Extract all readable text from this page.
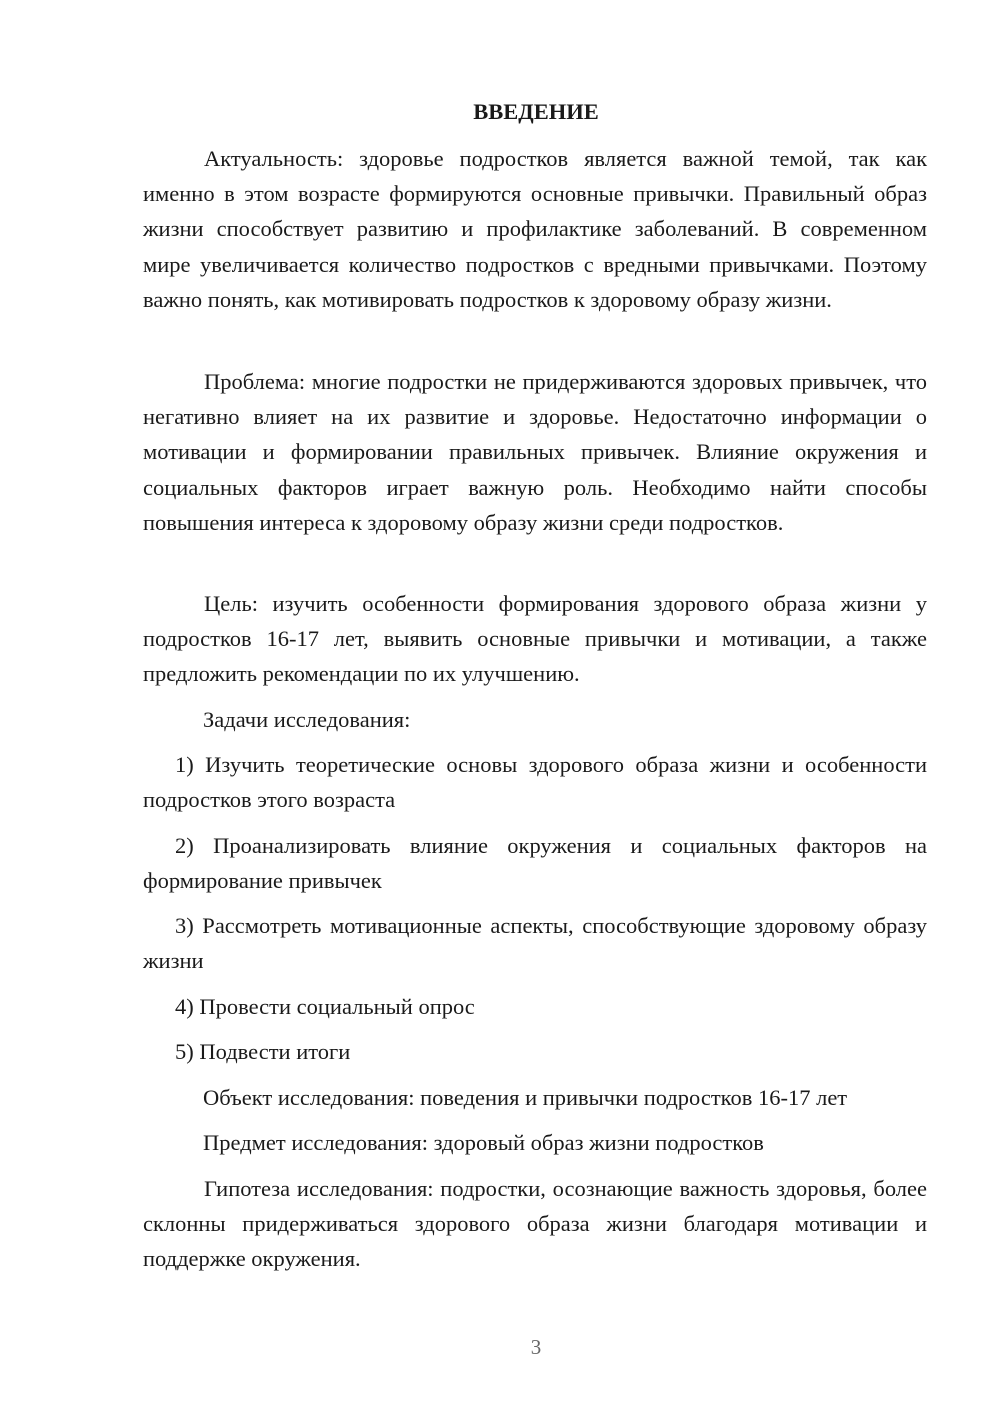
ВВЕДЕНИЕ

Актуальность: здоровье подростков является важной темой, так как именно в этом возрасте формируются основные привычки. Правильный образ жизни способствует развитию и профилактике заболеваний. В современном мире увеличивается количество подростков с вредными привычками. Поэтому важно понять, как мотивировать подростков к здоровому образу жизни.

Проблема: многие подростки не придерживаются здоровых привычек, что негативно влияет на их развитие и здоровье. Недостаточно информации о мотивации и формировании правильных привычек. Влияние окружения и социальных факторов играет важную роль. Необходимо найти способы повышения интереса к здоровому образу жизни среди подростков.

Цель: изучить особенности формирования здорового образа жизни у подростков 16-17 лет, выявить основные привычки и мотивации, а также предложить рекомендации по их улучшению.

Задачи исследования:

1) Изучить теоретические основы здорового образа жизни и особенности подростков этого возраста

2) Проанализировать влияние окружения и социальных факторов на формирование привычек

3) Рассмотреть мотивационные аспекты, способствующие здоровому образу жизни

4) Провести социальный опрос

5) Подвести итоги

Объект исследования: поведения и привычки подростков 16-17 лет

Предмет исследования: здоровый образ жизни подростков

Гипотеза исследования: подростки, осознающие важность здоровья, более склонны придерживаться здорового образа жизни благодаря мотивации и поддержке окружения.

3
